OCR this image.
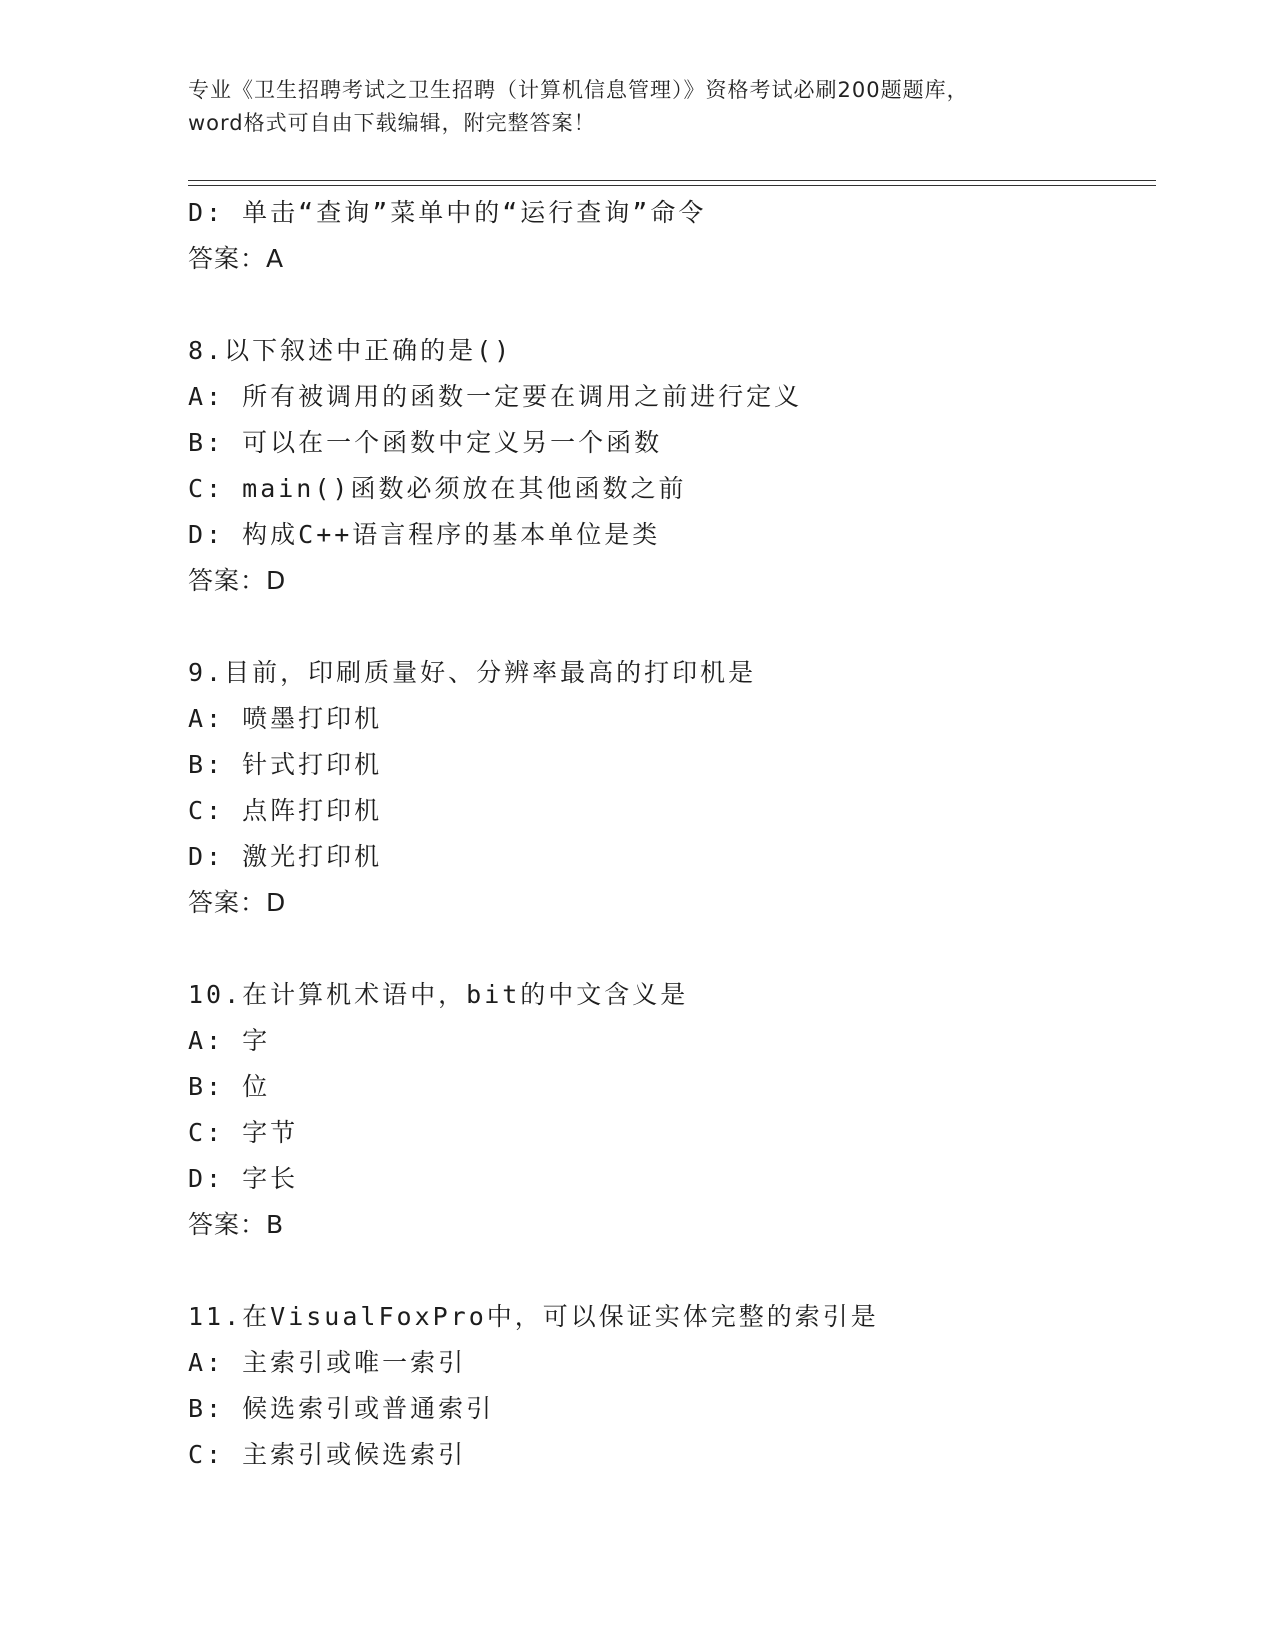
专业《卫生招聘考试之卫生招聘（计算机信息管理）》资格考试必刷200题题库，
word格式可自由下载编辑，附完整答案！
D: 单击“查询”菜单中的“运行查询”命令
答案：A
8.以下叙述中正确的是()
A: 所有被调用的函数一定要在调用之前进行定义
B: 可以在一个函数中定义另一个函数
C: main()函数必须放在其他函数之前
D: 构成C++语言程序的基本单位是类
答案：D
9.目前，印刷质量好、分辨率最高的打印机是
A: 喷墨打印机
B: 针式打印机
C: 点阵打印机
D: 激光打印机
答案：D
10.在计算机术语中，bit的中文含义是
A: 字
B: 位
C: 字节
D: 字长
答案：B
11.在VisualFoxPro中，可以保证实体完整的索引是
A: 主索引或唯一索引
B: 候选索引或普通索引
C: 主索引或候选索引
